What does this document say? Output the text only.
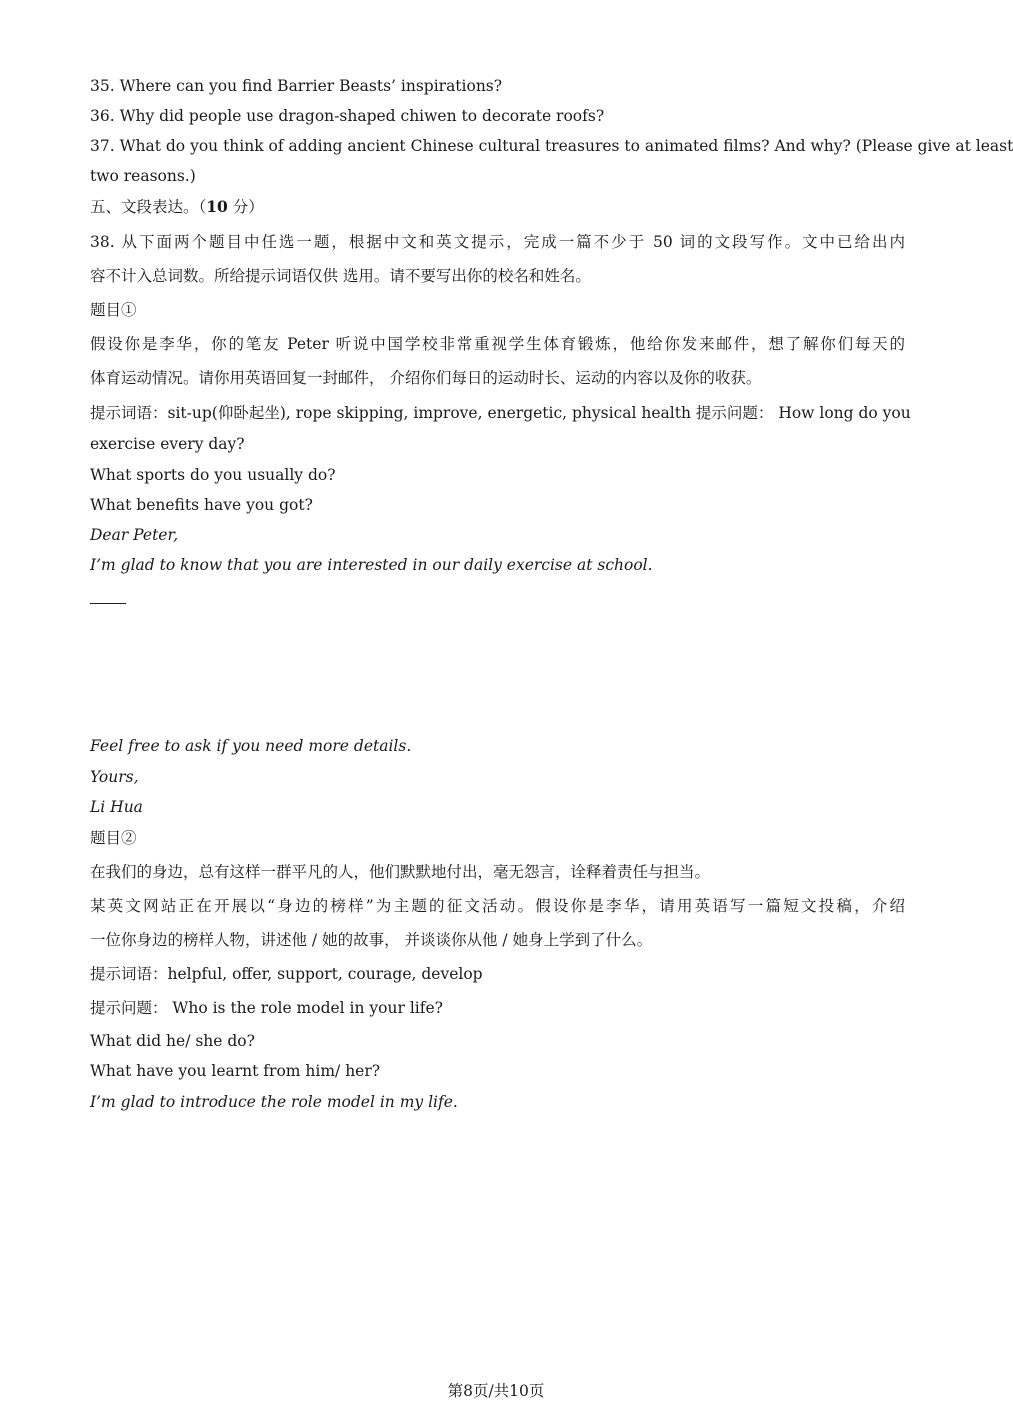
35. Where can you find Barrier Beasts’ inspirations?
36. Why did people use dragon-shaped chiwen to decorate roofs?
37. What do you think of adding ancient Chinese cultural treasures to animated films? And why? (Please give at least
two reasons.)
五、文段表达。（10 分）
38. 从下面两个题目中任选一题，根据中文和英文提示，完成一篇不少于 50 词的文段写作。文中已给出内
容不计入总词数。所给提示词语仅供 选用。请不要写出你的校名和姓名。
题目①
假设你是李华，你的笔友 Peter 听说中国学校非常重视学生体育锻炼，他给你发来邮件，想了解你们每天的
体育运动情况。请你用英语回复一封邮件， 介绍你们每日的运动时长、运动的内容以及你的收获。
提示词语：sit-up(仰卧起坐), rope skipping, improve, energetic, physical health 提示问题： How long do you
exercise every day?
What sports do you usually do?
What benefits have you got?
Dear Peter,
I’m glad to know that you are interested in our daily exercise at school.
Feel free to ask if you need more details.
Yours,
Li Hua
题目②
在我们的身边，总有这样一群平凡的人，他们默默地付出，毫无怨言，诠释着责任与担当。
某英文网站正在开展以“身边的榜样”为主题的征文活动。假设你是李华，请用英语写一篇短文投稿，介绍
一位你身边的榜样人物，讲述他 / 她的故事， 并谈谈你从他 / 她身上学到了什么。
提示词语：helpful, offer, support, courage, develop
提示问题： Who is the role model in your life?
What did he/ she do?
What have you learnt from him/ her?
I’m glad to introduce the role model in my life.
第8页/共10页
